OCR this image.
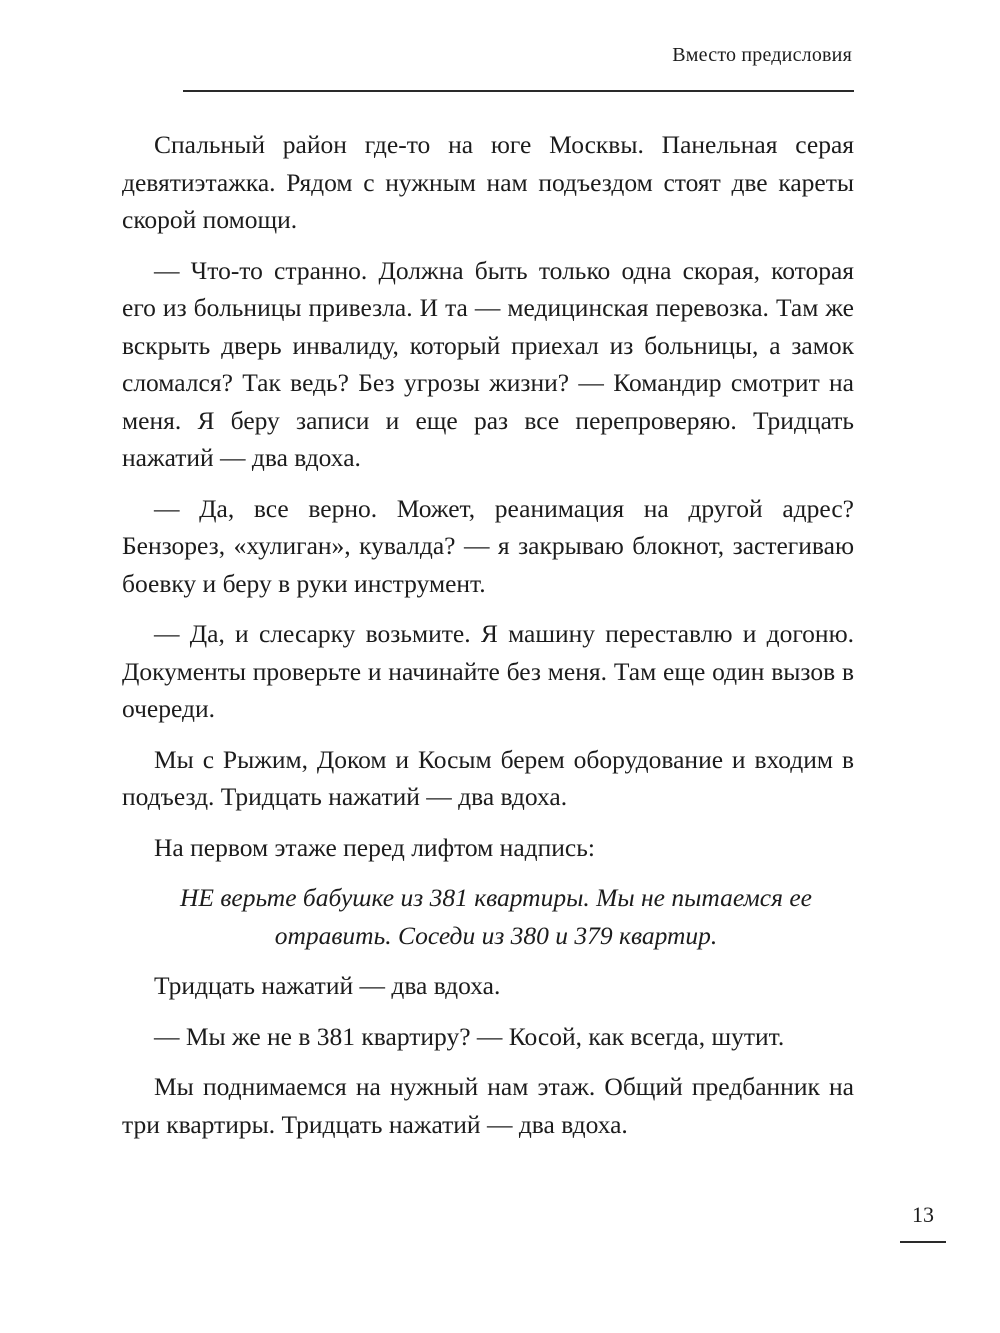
Вместо предисловия

Спальный район где-то на юге Москвы. Панельная серая девятиэтажка. Рядом с нужным нам подъездом стоят две кареты скорой помощи.

— Что-то странно. Должна быть только одна скорая, которая его из больницы привезла. И та — медицинская перевозка. Там же вскрыть дверь инвалиду, который приехал из больницы, а замок сломался? Так ведь? Без угрозы жизни? — Командир смотрит на меня. Я беру записи и еще раз все перепроверяю. Тридцать нажатий — два вдоха.

— Да, все верно. Может, реанимация на другой адрес? Бензорез, «хулиган», кувалда? — я закрываю блокнот, застегиваю боевку и беру в руки инструмент.

— Да, и слесарку возьмите. Я машину переставлю и догоню. Документы проверьте и начинайте без меня. Там еще один вызов в очереди.

Мы с Рыжим, Доком и Косым берем оборудование и входим в подъезд. Тридцать нажатий — два вдоха.

На первом этаже перед лифтом надпись:

НЕ верьте бабушке из 381 квартиры. Мы не пытаемся ее отравить. Соседи из 380 и 379 квартир.

Тридцать нажатий — два вдоха.

— Мы же не в 381 квартиру? — Косой, как всегда, шутит.

Мы поднимаемся на нужный нам этаж. Общий предбанник на три квартиры. Тридцать нажатий — два вдоха.

13
